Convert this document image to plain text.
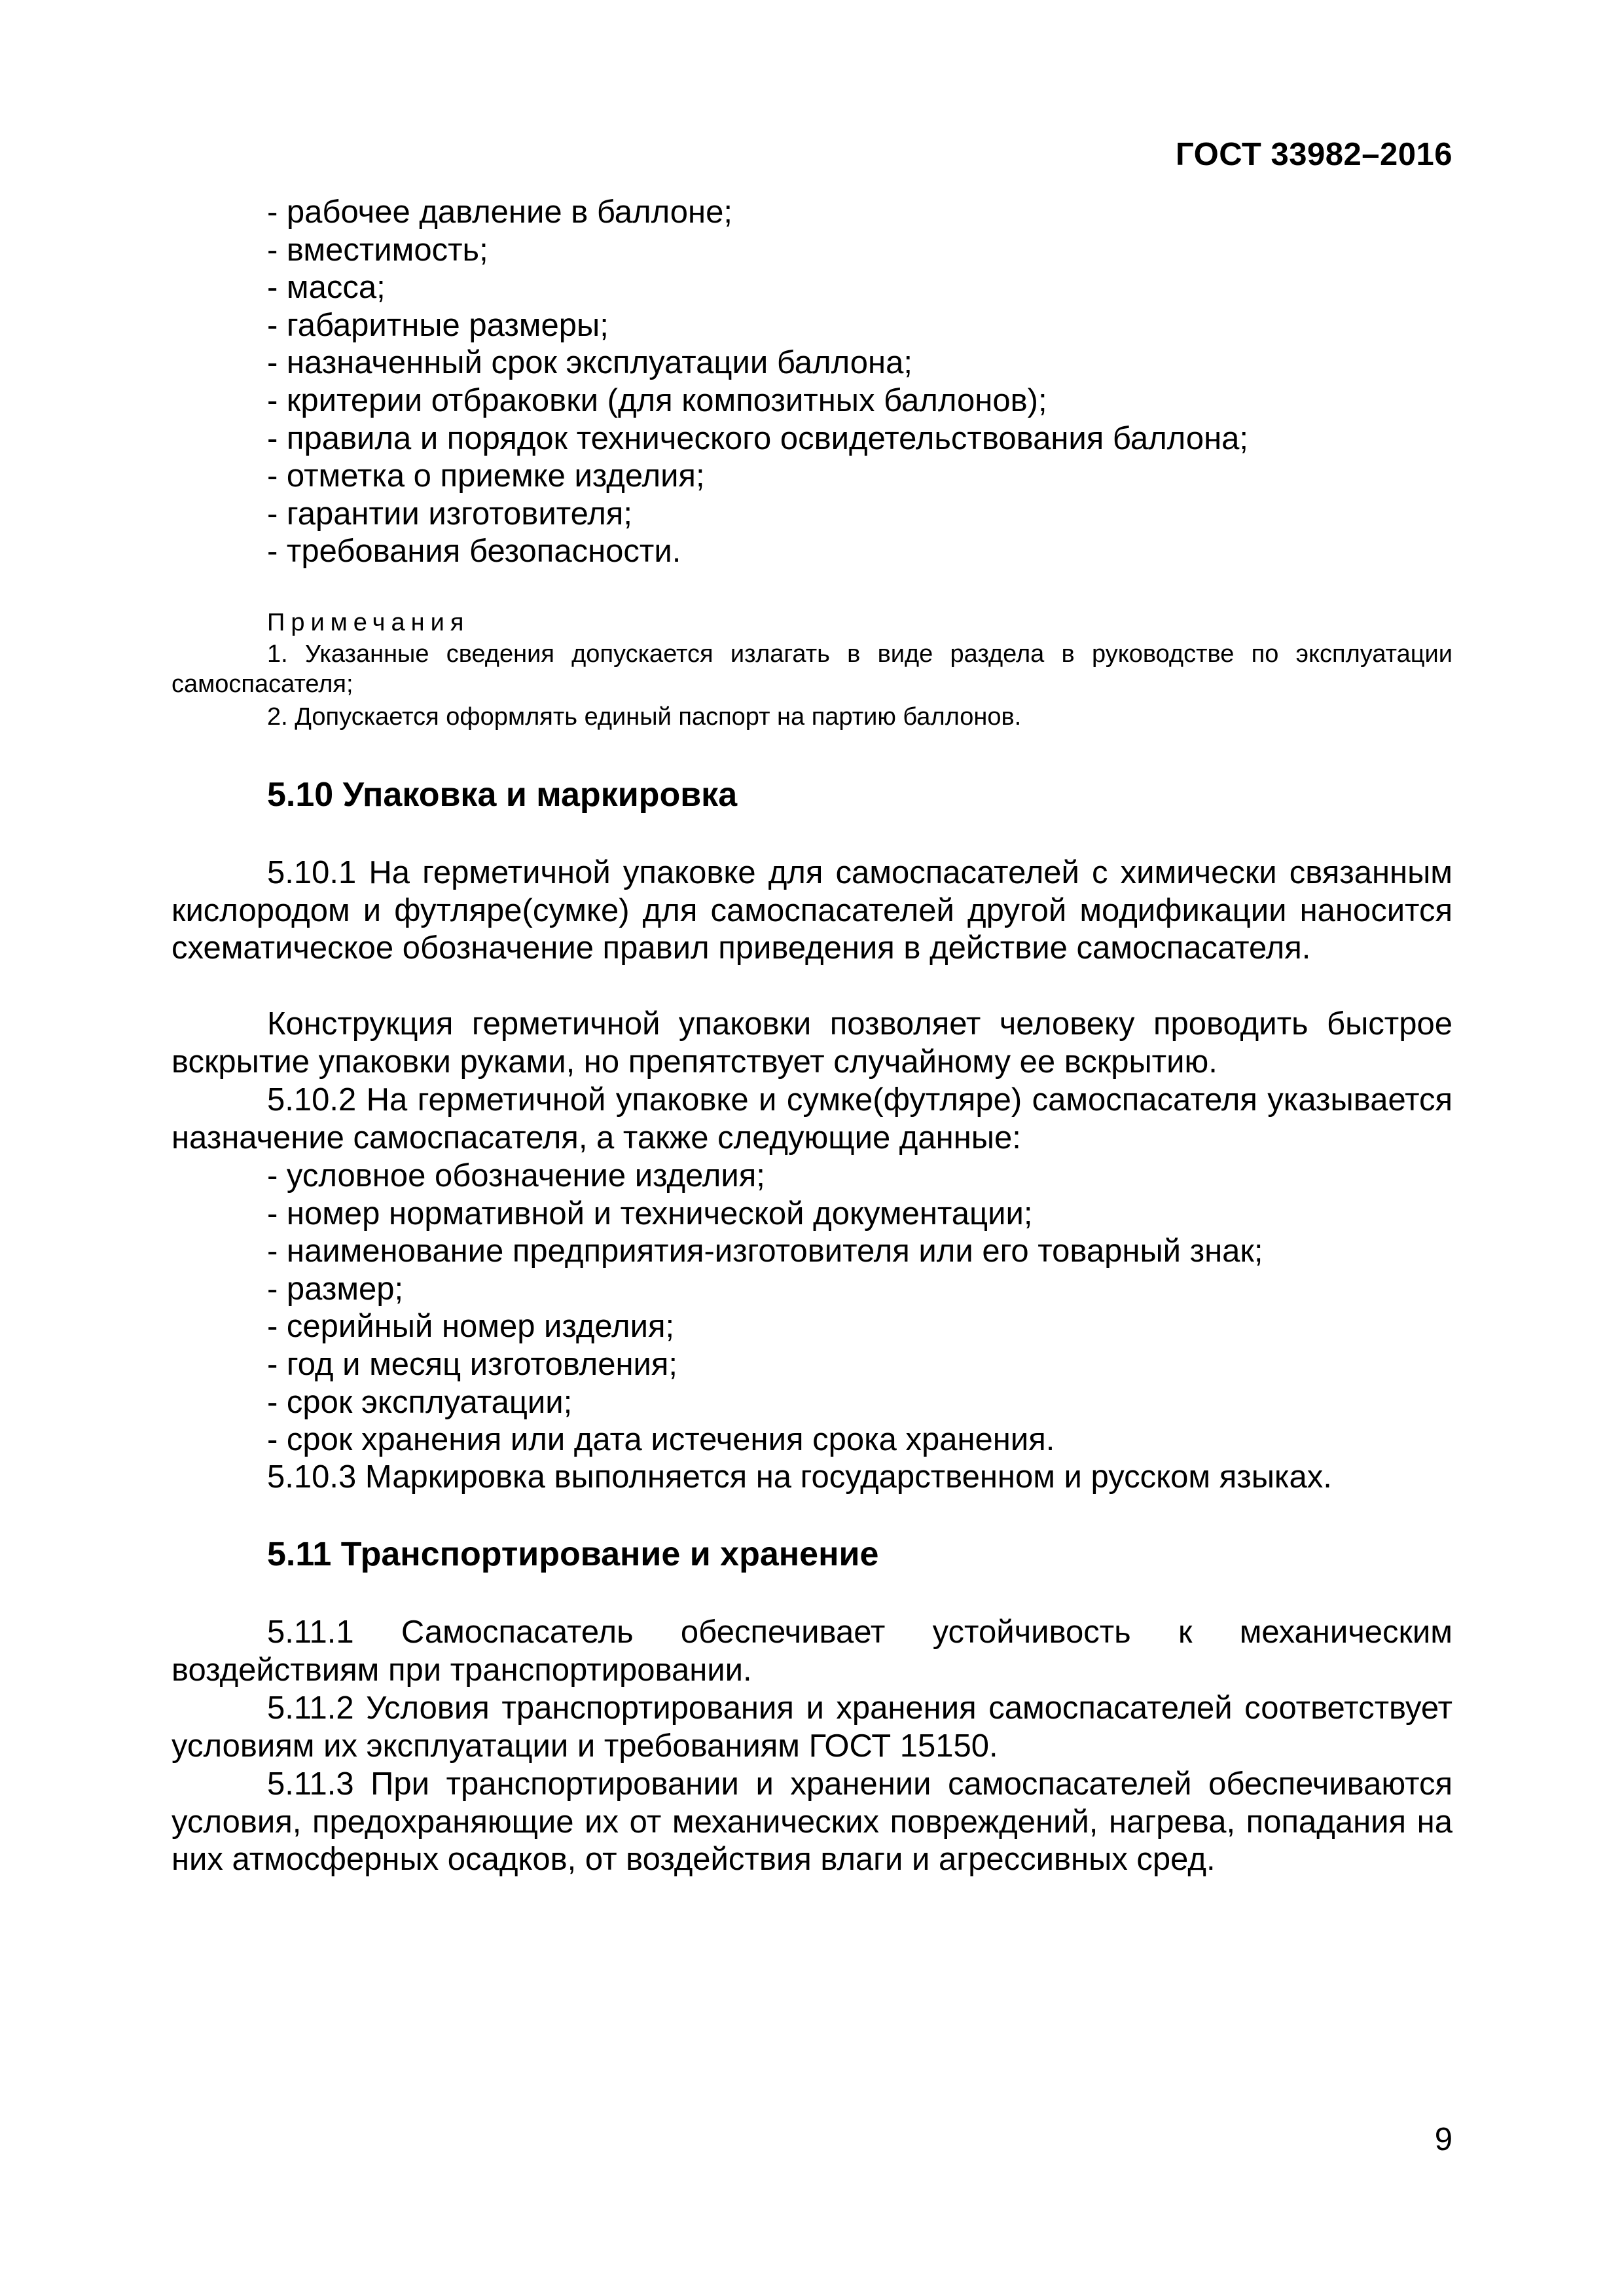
ГОСТ 33982–2016
- рабочее давление в баллоне;
- вместимость;
- масса;
- габаритные размеры;
- назначенный срок эксплуатации баллона;
- критерии отбраковки (для композитных баллонов);
- правила и порядок технического освидетельствования баллона;
- отметка о приемке изделия;
- гарантии изготовителя;
- требования безопасности.
Примечания
1. Указанные сведения допускается излагать в виде раздела в руководстве по эксплуатации самоспасателя;
2. Допускается оформлять единый паспорт на партию баллонов.
5.10 Упаковка и маркировка
5.10.1 На герметичной упаковке для самоспасателей с химически связанным кислородом и футляре(сумке) для самоспасателей другой модификации наносится схематическое обозначение правил приведения в действие самоспасателя.
Конструкция герметичной упаковки позволяет человеку проводить быстрое вскрытие упаковки руками, но препятствует случайному ее вскрытию.
5.10.2 На герметичной упаковке и сумке(футляре) самоспасателя указывается назначение самоспасателя, а также следующие данные:
- условное обозначение изделия;
- номер нормативной и технической документации;
- наименование предприятия-изготовителя или его товарный знак;
- размер;
- серийный номер изделия;
- год и месяц изготовления;
- срок эксплуатации;
- срок хранения или дата истечения срока хранения.
5.10.3 Маркировка выполняется на государственном и русском языках.
5.11 Транспортирование и хранение
5.11.1 Самоспасатель обеспечивает устойчивость к механическим воздействиям при транспортировании.
5.11.2 Условия транспортирования и хранения самоспасателей соответствует условиям их эксплуатации и требованиям ГОСТ 15150.
5.11.3 При транспортировании и хранении самоспасателей обеспечиваются условия, предохраняющие их от механических повреждений, нагрева, попадания на них атмосферных осадков, от воздействия влаги и агрессивных сред.
9
